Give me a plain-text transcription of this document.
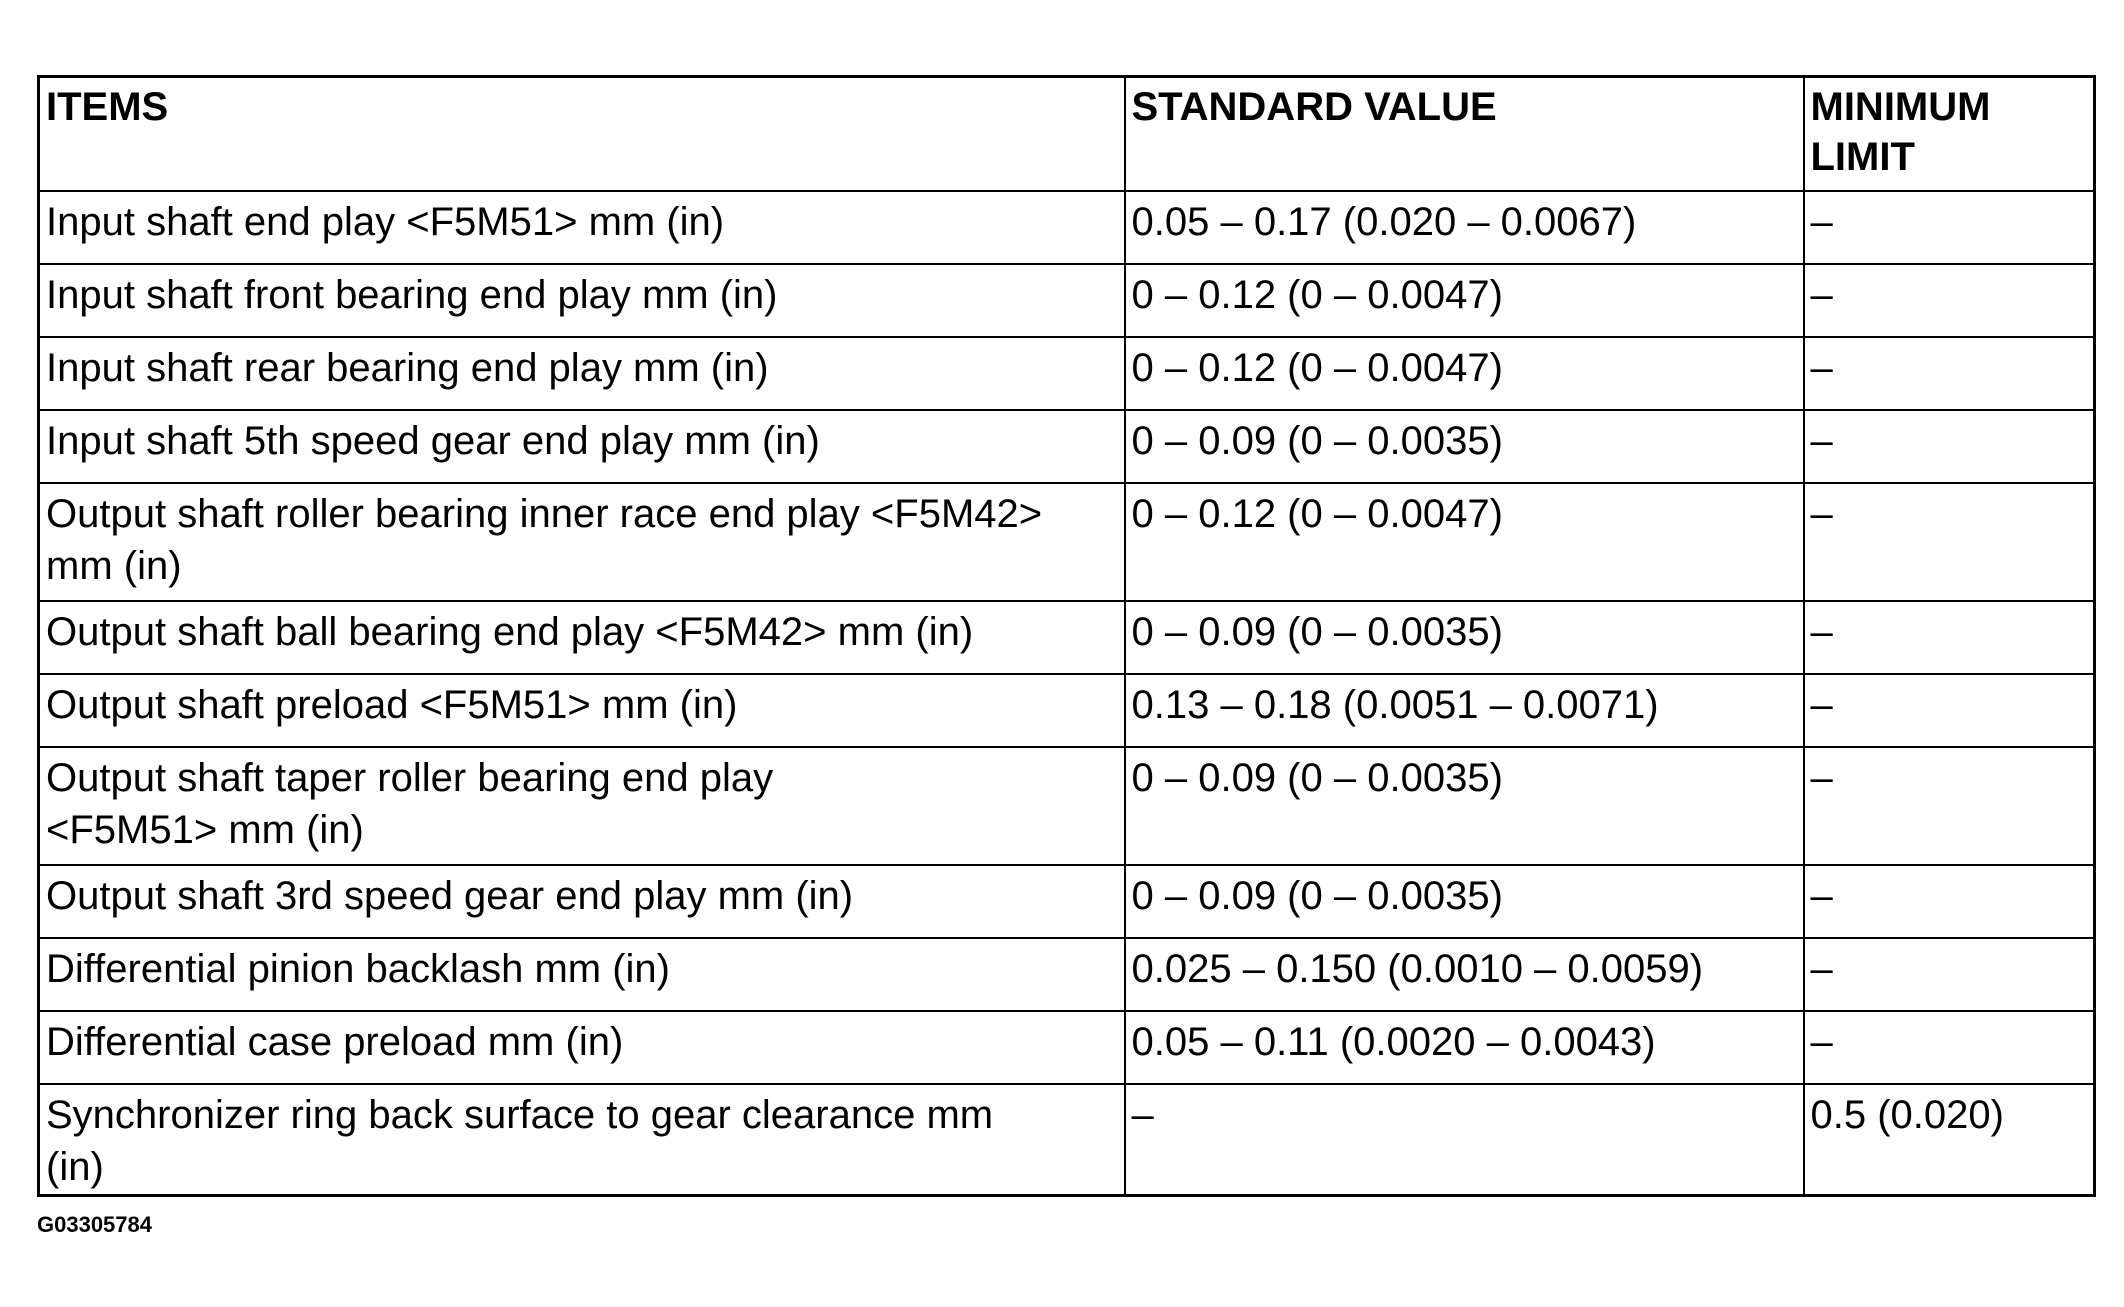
ITEMS	STANDARD VALUE	MINIMUM LIMIT
Input shaft end play <F5M51> mm (in)	0.05 – 0.17 (0.020 – 0.0067)	–
Input shaft front bearing end play mm (in)	0 – 0.12 (0 – 0.0047)	–
Input shaft rear bearing end play mm (in)	0 – 0.12 (0 – 0.0047)	–
Input shaft 5th speed gear end play mm (in)	0 – 0.09 (0 – 0.0035)	–
Output shaft roller bearing inner race end play <F5M42> mm (in)	0 – 0.12 (0 – 0.0047)	–
Output shaft ball bearing end play <F5M42> mm (in)	0 – 0.09 (0 – 0.0035)	–
Output shaft preload <F5M51> mm (in)	0.13 – 0.18 (0.0051 – 0.0071)	–
Output shaft taper roller bearing end play <F5M51> mm (in)	0 – 0.09 (0 – 0.0035)	–
Output shaft 3rd speed gear end play mm (in)	0 – 0.09 (0 – 0.0035)	–
Differential pinion backlash mm (in)	0.025 – 0.150 (0.0010 – 0.0059)	–
Differential case preload mm (in)	0.05 – 0.11 (0.0020 – 0.0043)	–
Synchronizer ring back surface to gear clearance mm (in)	–	0.5 (0.020)
G03305784
